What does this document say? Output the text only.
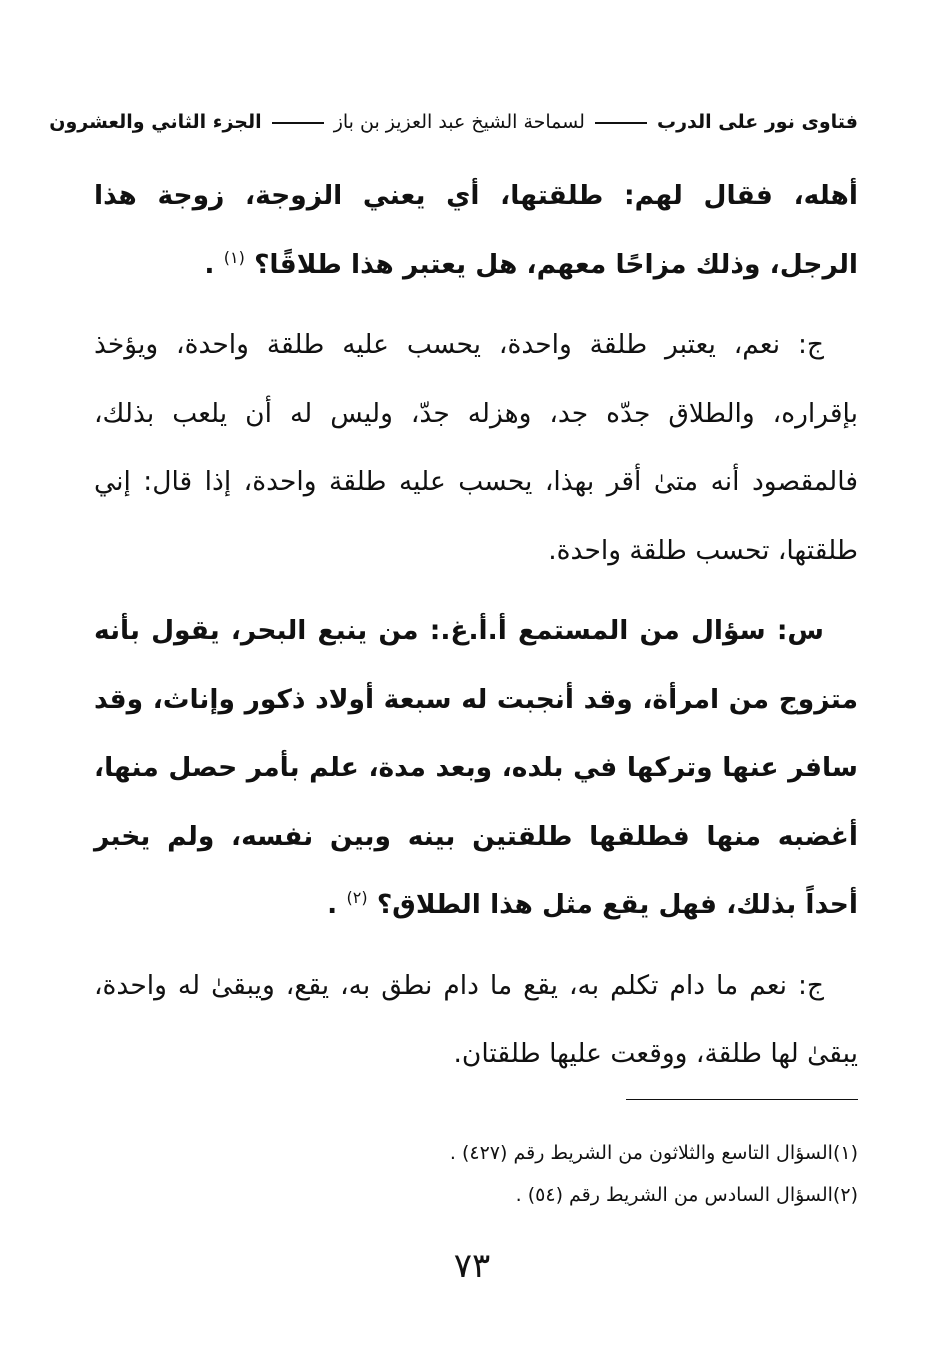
فتاوى نور على الدرب  لسماحة الشيخ عبد العزيز بن باز  الجزء الثاني والعشرون

أهله، فقال لهم: طلقتها، أي يعني الزوجة، زوجة هذا الرجل، وذلك مزاحًا معهم، هل يعتبر هذا طلاقًا؟ $^{(١)}$ .

ج: نعم، يعتبر طلقة واحدة، يحسب عليه طلقة واحدة، ويؤخذ بإقراره، والطلاق جدّه جد، وهزله جدّ، وليس له أن يلعب بذلك، فالمقصود أنه متىٰ أقر بهذا، يحسب عليه طلقة واحدة، إذا قال: إني طلقتها، تحسب طلقة واحدة.

س: سؤال من المستمع أ.أ.غ.: من ينبع البحر، يقول بأنه متزوج من امرأة، وقد أنجبت له سبعة أولاد ذكور وإناث، وقد سافر عنها وتركها في بلده، وبعد مدة، علم بأمر حصل منها، أغضبه منها فطلقها طلقتين بينه وبين نفسه، ولم يخبر أحداً بذلك، فهل يقع مثل هذا الطلاق؟ $^{(٢)}$ .

ج: نعم ما دام تكلم به، يقع ما دام نطق به، يقع، ويبقىٰ له واحدة، يبقىٰ لها طلقة، ووقعت عليها طلقتان.

(١)السؤال التاسع والثلاثون من الشريط رقم (٤٢٧) .

(٢)السؤال السادس من الشريط رقم (٥٤) .

٧٣
